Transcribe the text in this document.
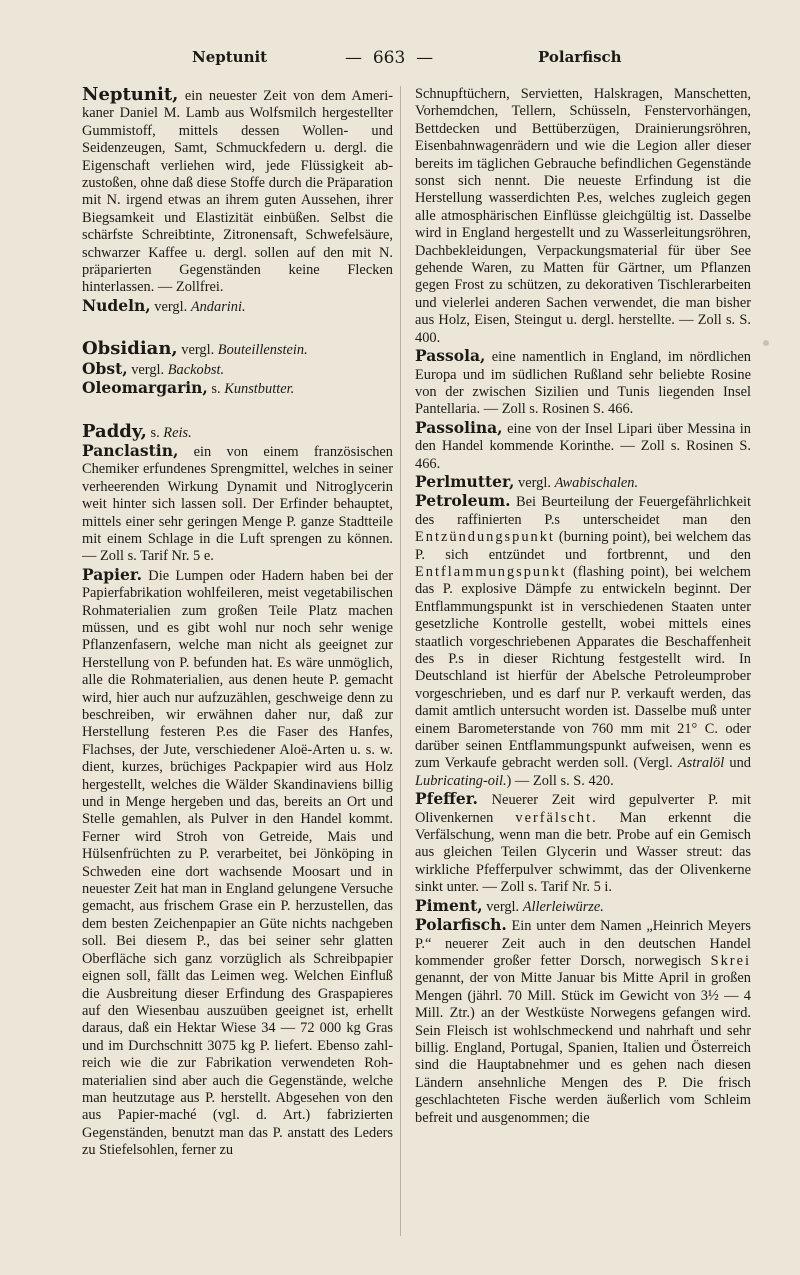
Neptunit	— 663 —	Polarfisch

Neptunit, ein neuester Zeit von dem Amerikaner Daniel M. Lamb aus Wolfsmilch hergestellter Gummistoff, mittels dessen Wollen- und Seidenzeugen, Samt, Schmuckfedern u. dergl. die Eigenschaft verliehen wird, jede Flüssigkeit abzustoßen, ohne daß diese Stoffe durch die Präparation mit N. irgend etwas an ihrem guten Aussehen, ihrer Biegsamkeit und Elastizität einbüßen. Selbst die schärfste Schreibtinte, Zitronensaft, Schwefelsäure, schwarzer Kaffee u. dergl. sollen auf den mit N. präparierten Gegenständen keine Flecken hinterlassen. — Zollfrei.

Nudeln, vergl. Andarini.

Obsidian, vergl. Bouteillenstein.

Obst, vergl. Backobst.

Oleomargarin, s. Kunstbutter.

Paddy, s. Reis.

Panclastin, ein von einem französischen Chemiker erfundenes Sprengmittel, welches in seiner verheerenden Wirkung Dynamit und Nitroglycerin weit hinter sich lassen soll. Der Erfinder behauptet, mittels einer sehr geringen Menge P. ganze Stadtteile mit einem Schlage in die Luft sprengen zu können. — Zoll s. Tarif Nr. 5 e.

Papier. Die Lumpen oder Hadern haben bei der Papierfabrikation wohlfeileren, meist vegetabilischen Rohmaterialien zum großen Teile Platz machen müssen, und es gibt wohl nur noch sehr wenige Pflanzenfasern, welche man nicht als geeignet zur Herstellung von P. befunden hat. Es wäre unmöglich, alle die Rohmaterialien, aus denen heute P. gemacht wird, hier auch nur aufzuzählen, geschweige denn zu beschreiben, wir erwähnen daher nur, daß zur Herstellung festeren P.es die Faser des Hanfes, Flachses, der Jute, verschiedener Aloë-Arten u. s. w. dient, kurzes, brüchiges Packpapier wird aus Holz hergestellt, welches die Wälder Skandinaviens billig und in Menge hergeben und das, bereits an Ort und Stelle gemahlen, als Pulver in den Handel kommt. Ferner wird Stroh von Getreide, Mais und Hülsenfrüchten zu P. verarbeitet, bei Jönköping in Schweden eine dort wachsende Moosart und in neuester Zeit hat man in England gelungene Versuche gemacht, aus frischem Grase ein P. herzustellen, das dem besten Zeichenpapier an Güte nichts nachgeben soll. Bei diesem P., das bei seiner sehr glatten Oberfläche sich ganz vorzüglich als Schreibpapier eignen soll, fällt das Leimen weg. Welchen Einfluß die Ausbreitung dieser Erfindung des Graspapieres auf den Wiesenbau auszuüben geeignet ist, erhellt daraus, daß ein Hektar Wiese 34 — 72 000 kg Gras und im Durchschnitt 3075 kg P. liefert. Ebenso zahlreich wie die zur Fabrikation verwendeten Rohmaterialien sind aber auch die Gegenstände, welche man heutzutage aus P. herstellt. Abgesehen von den aus Papier-maché (vgl. d. Art.) fabrizierten Gegenständen, benutzt man das P. anstatt des Leders zu Stiefelsohlen, ferner zu

Schnupftüchern, Servietten, Halskragen, Manschetten, Vorhemdchen, Tellern, Schüsseln, Fenstervorhängen, Bettdecken und Bettüberzügen, Drainierungsröhren, Eisenbahnwagenrädern und wie die Legion aller dieser bereits im täglichen Gebrauche befindlichen Gegenstände sonst sich nennt. Die neueste Erfindung ist die Herstellung wasserdichten P.es, welches zugleich gegen alle atmosphärischen Einflüsse gleichgültig ist. Dasselbe wird in England hergestellt und zu Wasserleitungsröhren, Dachbekleidungen, Verpackungsmaterial für über See gehende Waren, zu Matten für Gärtner, um Pflanzen gegen Frost zu schützen, zu dekorativen Tischlerarbeiten und vielerlei anderen Sachen verwendet, die man bisher aus Holz, Eisen, Steingut u. dergl. herstellte. — Zoll s. S. 400.

Passola, eine namentlich in England, im nördlichen Europa und im südlichen Rußland sehr beliebte Rosine von der zwischen Sizilien und Tunis liegenden Insel Pantellaria. — Zoll s. Rosinen S. 466.

Passolina, eine von der Insel Lipari über Messina in den Handel kommende Korinthe. — Zoll s. Rosinen S. 466.

Perlmutter, vergl. Awabischalen.

Petroleum. Bei Beurteilung der Feuergefährlichkeit des raffinierten P.s unterscheidet man den Entzündungspunkt (burning point), bei welchem das P. sich entzündet und fortbrennt, und den Entflammungspunkt (flashing point), bei welchem das P. explosive Dämpfe zu entwickeln beginnt. Der Entflammungspunkt ist in verschiedenen Staaten unter gesetzliche Kontrolle gestellt, wobei mittels eines staatlich vorgeschriebenen Apparates die Beschaffenheit des P.s in dieser Richtung festgestellt wird. In Deutschland ist hierfür der Abelsche Petroleumprober vorgeschrieben, und es darf nur P. verkauft werden, das damit amtlich untersucht worden ist. Dasselbe muß unter einem Barometerstande von 760 mm mit 21° C. oder darüber seinen Entflammungspunkt aufweisen, wenn es zum Verkaufe gebracht werden soll. (Vergl. Astralöl und Lubricating-oil.) — Zoll s. S. 420.

Pfeffer. Neuerer Zeit wird gepulverter P. mit Olivenkernen verfälscht. Man erkennt die Verfälschung, wenn man die betr. Probe auf ein Gemisch aus gleichen Teilen Glycerin und Wasser streut: das wirkliche Pfefferpulver schwimmt, das der Olivenkerne sinkt unter. — Zoll s. Tarif Nr. 5 i.

Piment, vergl. Allerleiwürze.

Polarfisch. Ein unter dem Namen „Heinrich Meyers P.“ neuerer Zeit auch in den deutschen Handel kommender großer fetter Dorsch, norwegisch Skrei genannt, der von Mitte Januar bis Mitte April in großen Mengen (jährl. 70 Mill. Stück im Gewicht von 3½ — 4 Mill. Ztr.) an der Westküste Norwegens gefangen wird. Sein Fleisch ist wohlschmeckend und nahrhaft und sehr billig. England, Portugal, Spanien, Italien und Österreich sind die Hauptabnehmer und es gehen nach diesen Ländern ansehnliche Mengen des P. Die frisch geschlachteten Fische werden äußerlich vom Schleim befreit und ausgenommen; die
